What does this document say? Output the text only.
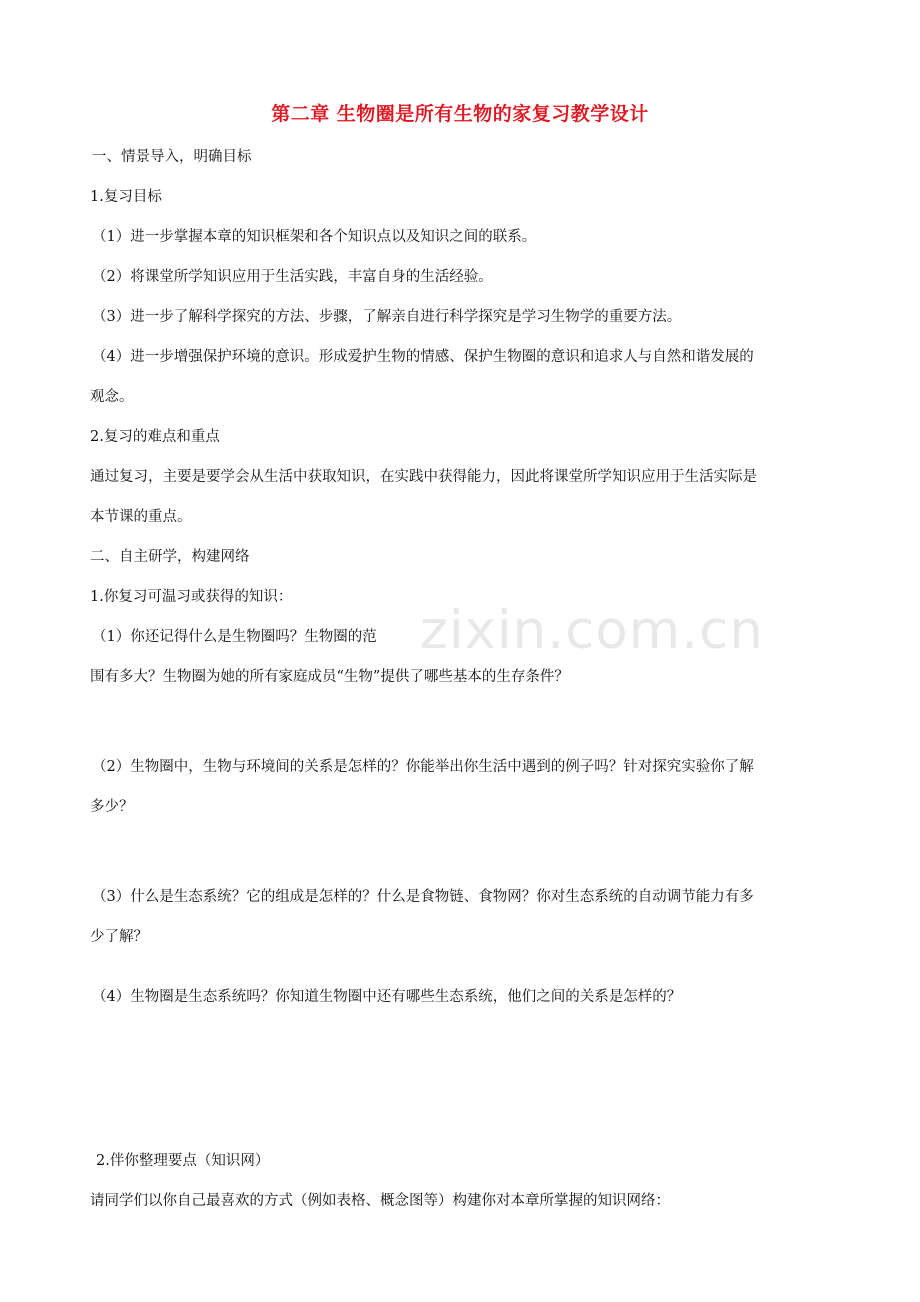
zixin.com.cn
第二章 生物圈是所有生物的家复习教学设计
一、情景导入，明确目标
1.复习目标
（1）进一步掌握本章的知识框架和各个知识点以及知识之间的联系。
（2）将课堂所学知识应用于生活实践，丰富自身的生活经验。
（3）进一步了解科学探究的方法、步骤，了解亲自进行科学探究是学习生物学的重要方法。
（4）进一步增强保护环境的意识。形成爱护生物的情感、保护生物圈的意识和追求人与自然和谐发展的
观念。
2.复习的难点和重点
通过复习，主要是要学会从生活中获取知识，在实践中获得能力，因此将课堂所学知识应用于生活实际是
本节课的重点。
二、自主研学，构建网络
1.你复习可温习或获得的知识：
（1）你还记得什么是生物圈吗？生物圈的范
围有多大？生物圈为她的所有家庭成员“生物”提供了哪些基本的生存条件？
（2）生物圈中，生物与环境间的关系是怎样的？你能举出你生活中遇到的例子吗？针对探究实验你了解
多少？
（3）什么是生态系统？它的组成是怎样的？什么是食物链、食物网？你对生态系统的自动调节能力有多
少了解？
（4）生物圈是生态系统吗？你知道生物圈中还有哪些生态系统，他们之间的关系是怎样的？
2.伴你整理要点（知识网）
请同学们以你自己最喜欢的方式（例如表格、概念图等）构建你对本章所掌握的知识网络：
